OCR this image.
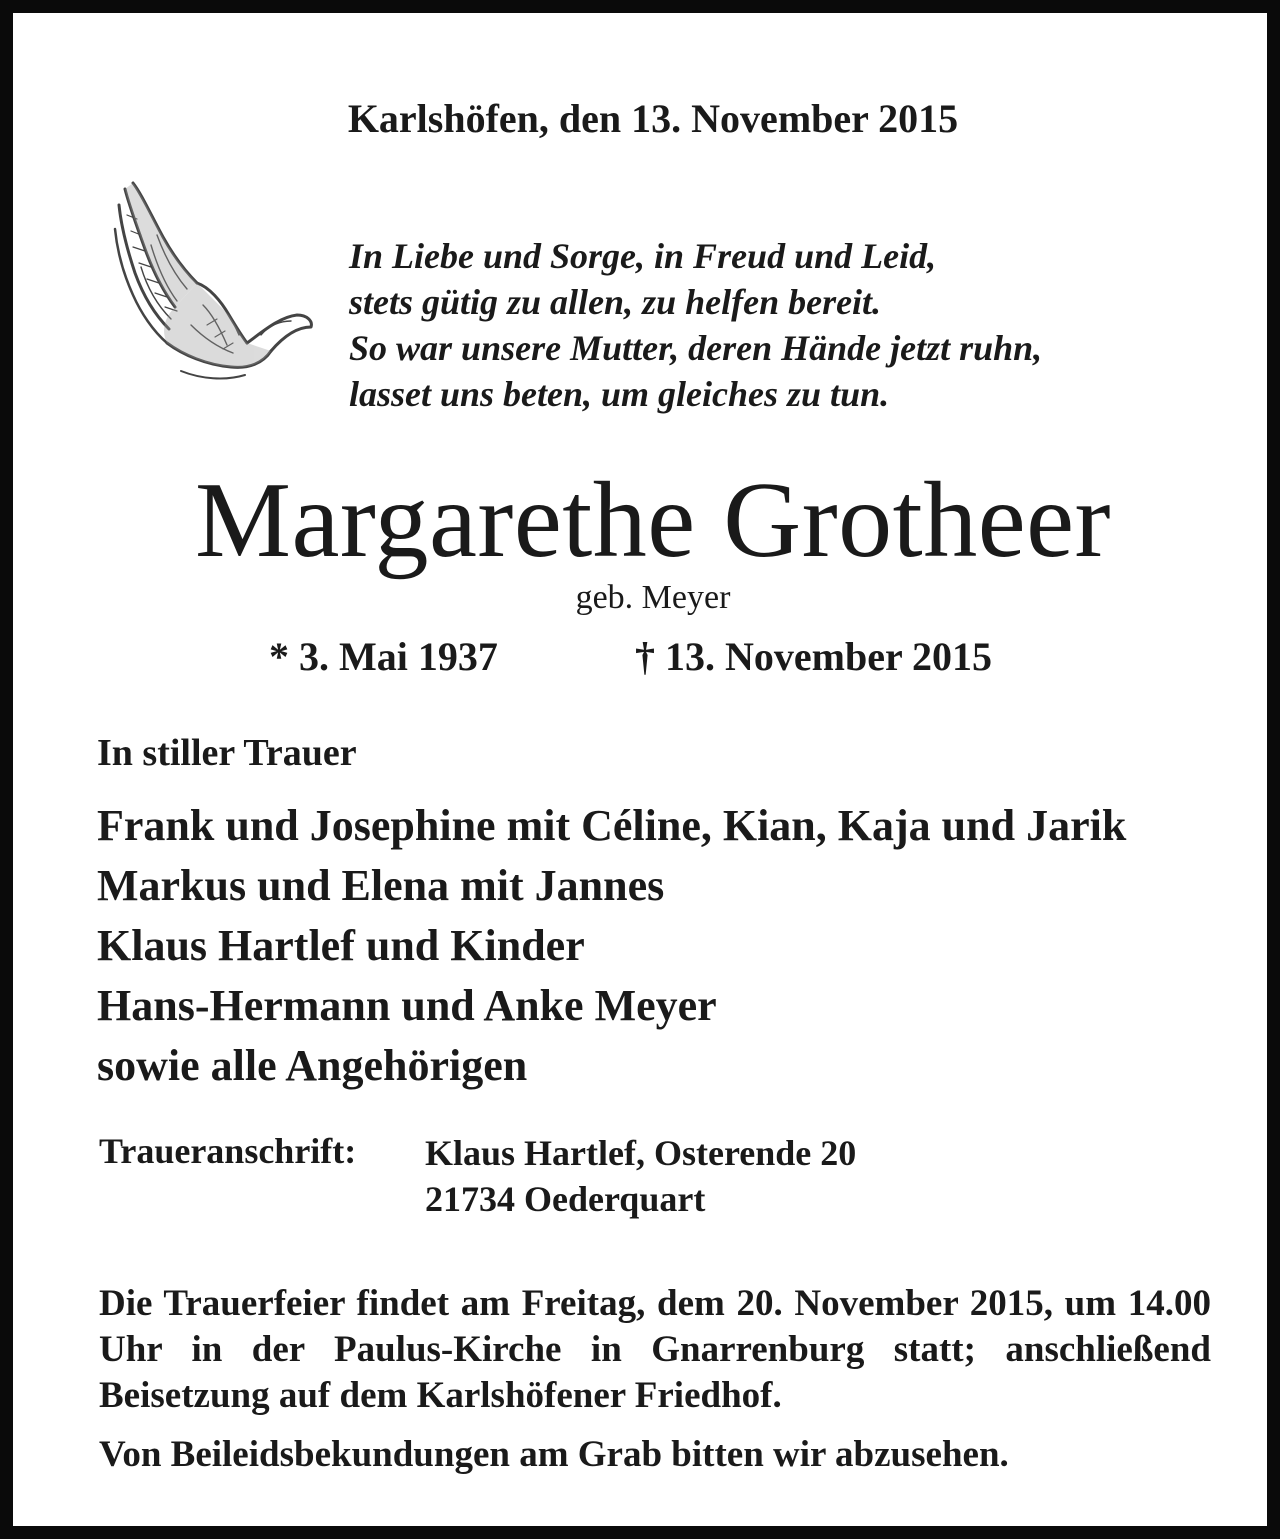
Karlshöfen, den 13. November 2015
In Liebe und Sorge, in Freud und Leid,
stets gütig zu allen, zu helfen bereit.
So war unsere Mutter, deren Hände jetzt ruhn,
lasset uns beten, um gleiches zu tun.
Margarethe Grotheer
geb. Meyer
* 3. Mai 1937	† 13. November 2015
In stiller Trauer
Frank und Josephine mit Céline, Kian, Kaja und Jarik
Markus und Elena mit Jannes
Klaus Hartlef und Kinder
Hans-Hermann und Anke Meyer
sowie alle Angehörigen
Traueranschrift: Klaus Hartlef, Osterende 20
21734 Oederquart
Die Trauerfeier findet am Freitag, dem 20. November 2015, um 14.00 Uhr in der Paulus-Kirche in Gnarrenburg statt; anschließend Beisetzung auf dem Karlshöfener Friedhof.
Von Beileidsbekundungen am Grab bitten wir abzusehen.
